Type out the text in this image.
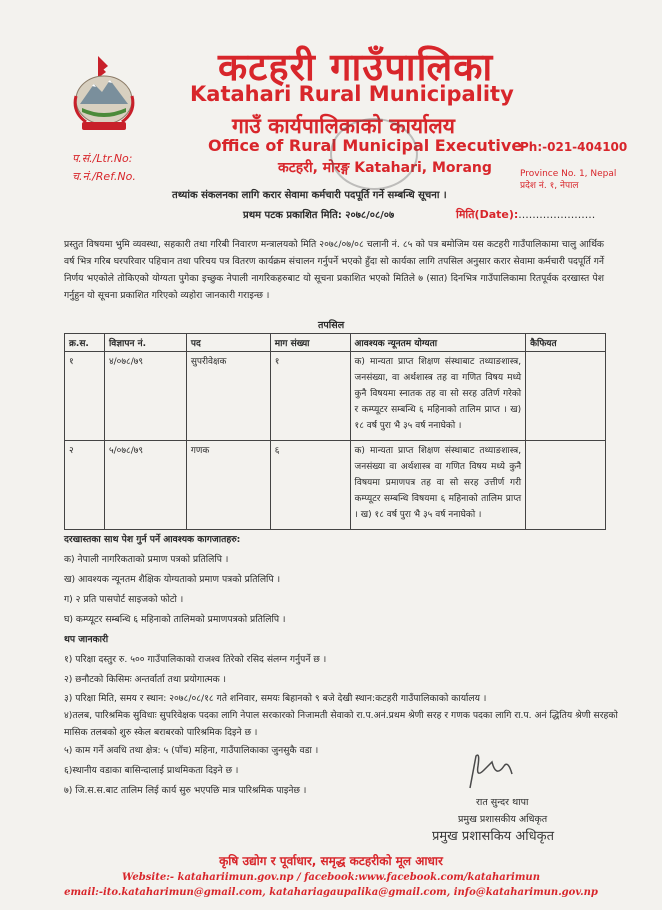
कटहरी गाउँपालिका
Katahari Rural Municipality
गाउँ कार्यपालिकाको कार्यालय
Office of Rural Municipal Executive
कटहरी, मोरङ्ग Katahari, Morang
Ph:-021-404100
Province No. 1, Nepal
प्रदेश नं. १, नेपाल
प.सं./Ltr.No:
च.नं./Ref.No.
तथ्यांक संकलनका लागि करार सेवामा कर्मचारी पदपूर्ति गर्ने सम्बन्धि सूचना ।
प्रथम पटक प्रकाशित मिति: २०७८/०८/०७	मिति(Date):......................
प्रस्तुत विषयमा भुमि व्यवस्था, सहकारी तथा गरिबी निवारण मन्त्रालयको मिति २०७८/०७/०८ चलानी नं. ८५ को पत्र बमोजिम यस कटहरी गाउँपालिकामा चालु आर्थिक वर्ष भित्र गरिब घरपरिवार पहिचान तथा परिचय पत्र वितरण कार्यक्रम संचालन गर्नुपर्ने भएको हुँदा सो कार्यका लागि तपसिल अनुसार करार सेवामा कर्मचारी पदपूर्ति गर्ने निर्णय भएकोले तोकिएको योग्यता पुगेका इच्छुक नेपाली नागरिकहरुबाट यो सूचना प्रकाशित भएको मितिले ७ (सात) दिनभित्र गाउँपालिकामा रितपूर्वक दरखास्त पेश गर्नुहुन यो सूचना प्रकाशित गरिएको व्यहोरा जानकारी गराइन्छ ।
तपसिल
क्र.स.	विज्ञापन नं.	पद	माग संख्या	आवश्यक न्यूनतम योग्यता	कैफियत
१	४/०७८/७९	सुपरीवेक्षक	१	क) मान्यता प्राप्त शिक्षण संस्थाबाट तथ्याङशास्त्र, जनसंख्या, वा अर्थशास्त्र तह वा गणित विषय मध्ये कुनै विषयमा स्नातक तह वा सो सरह उतिर्ण गरेको र कम्प्यूटर सम्बन्धि ६ महिनाको तालिम प्राप्त । ख) १८ वर्ष पुरा भै ३५ वर्ष ननाघेको ।	
२	५/०७८/७९	गणक	६	क) मान्यता प्राप्त शिक्षण संस्थाबाट तथ्याङशास्त्र, जनसंख्या वा अर्थशास्त्र वा गणित विषय मध्ये कुनै विषयमा प्रमाणपत्र तह वा सो सरह उत्तीर्ण गरी कम्प्यूटर सम्बन्धि विषयमा ६ महिनाको तालिम प्राप्त । ख) १८ वर्ष पुरा भै ३५ वर्ष ननाघेको ।	
दरखास्तका साथ पेश गुर्न पर्ने आवश्यक कागजातहरु:
क) नेपाली नागरिकताको प्रमाण पत्रको प्रतिलिपि ।
ख) आवश्यक न्यूनतम शैक्षिक योग्यताको प्रमाण पत्रको प्रतिलिपि ।
ग) २ प्रति पासपोर्ट साइजको फोटो ।
घ) कम्प्यूटर सम्बन्धि ६ महिनाको तालिमको प्रमाणपत्रको प्रतिलिपि ।
थप जानकारी
१) परिक्षा दस्तुर रु. ५०० गाउँपालिकाको राजश्व तिरेको रसिद संलग्न गर्नुपर्ने छ ।
२) छनौटको किसिमः अन्तर्वार्ता तथा प्रयोगात्मक ।
३) परिक्षा मिति, समय र स्थान: २०७८/०८/१८ गते शनिवार, समयः बिहानको ९ बजे देखी स्थान:कटहरी गाउँपालिकाको कार्यालय ।
४)तलब, पारिश्रमिक सुविधाः सुपरिवेक्षक पदका लागि नेपाल सरकारको निजामती सेवाको रा.प.अनं.प्रथम श्रेणी सरह र गणक पदका लागि रा.प. अनं द्धितिय श्रेणी सरहको मासिक तलबको शुरु स्केल बराबरको पारिश्रमिक दिइने छ ।
५) काम गर्ने अवधि तथा क्षेत्र: ५ (पाँच) महिना, गाउँपालिकाका जुनसुकै वडा ।
६)स्थानीय वडाका बासिन्दालाई प्राथमिकता दिइने छ ।
७) जि.स.स.बाट तालिम लिई कार्य सुरु भएपछि मात्र पारिश्रमिक पाइनेछ ।
रात सुन्दर थापा
प्रमुख प्रशासकीय अधिकृत
प्रमुख प्रशासकिय अधिकृत
कृषि उद्योग र पूर्वाधार, समृद्ध कटहरीको मूल आधार
Website:- katahariimun.gov.np / facebook:www.facebook.com/kataharimun
email:-ito.kataharimun@gmail.com, katahariagaupalika@gmail.com, info@kataharimun.gov.np
